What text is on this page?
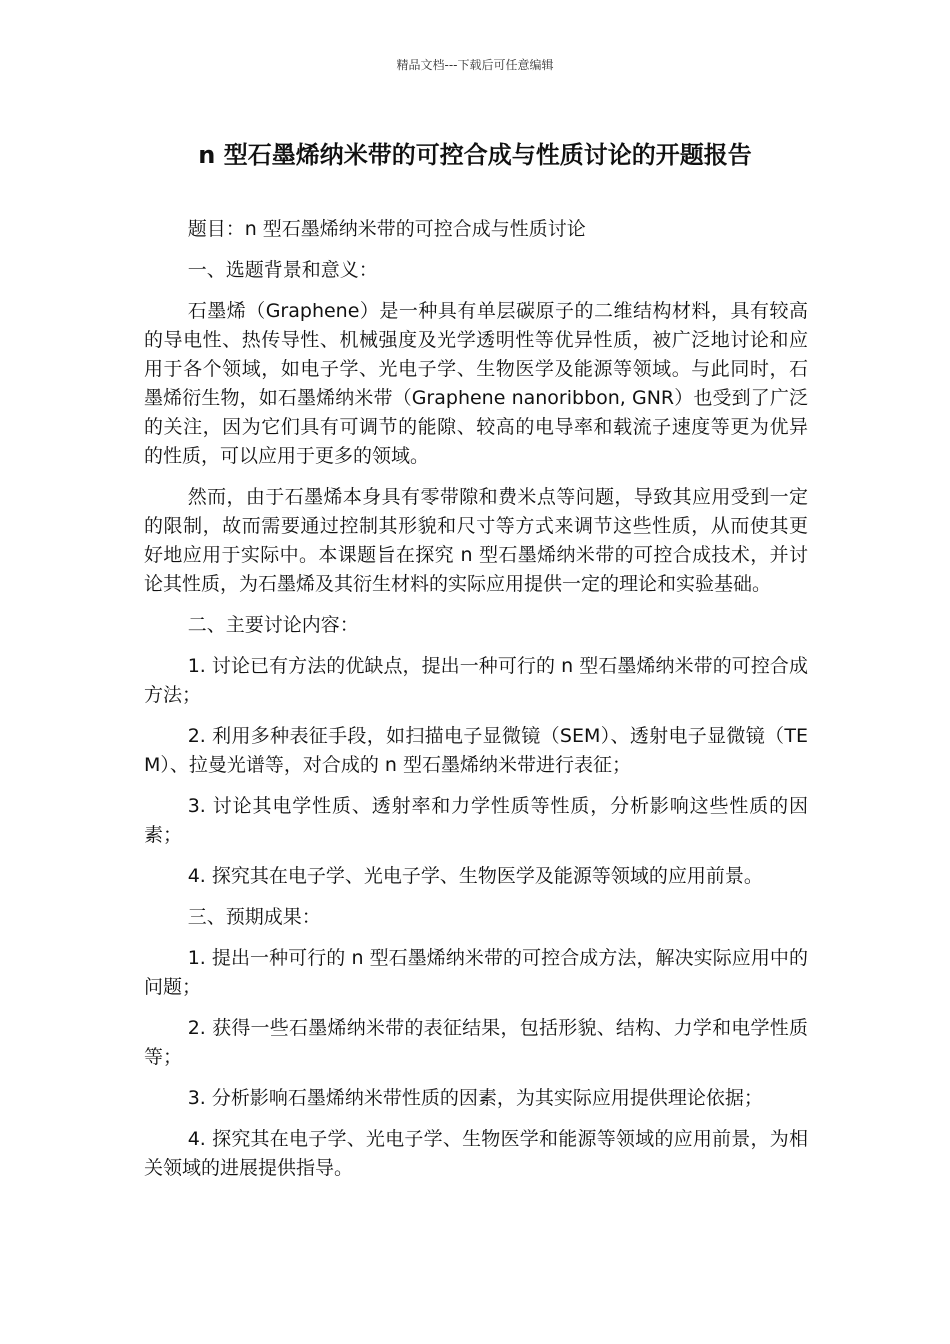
精品文档---下载后可任意编辑
n 型石墨烯纳米带的可控合成与性质讨论的开题报告

题目：n 型石墨烯纳米带的可控合成与性质讨论

一、选题背景和意义：

石墨烯（Graphene）是一种具有单层碳原子的二维结构材料，具有较高的导电性、热传导性、机械强度及光学透明性等优异性质，被广泛地讨论和应用于各个领域，如电子学、光电子学、生物医学及能源等领域。与此同时，石墨烯衍生物，如石墨烯纳米带（Graphene nanoribbon, GNR）也受到了广泛的关注，因为它们具有可调节的能隙、较高的电导率和载流子速度等更为优异的性质，可以应用于更多的领域。

然而，由于石墨烯本身具有零带隙和费米点等问题，导致其应用受到一定的限制，故而需要通过控制其形貌和尺寸等方式来调节这些性质，从而使其更好地应用于实际中。本课题旨在探究 n 型石墨烯纳米带的可控合成技术，并讨论其性质，为石墨烯及其衍生材料的实际应用提供一定的理论和实验基础。

二、主要讨论内容：

1. 讨论已有方法的优缺点，提出一种可行的 n 型石墨烯纳米带的可控合成方法；

2. 利用多种表征手段，如扫描电子显微镜（SEM）、透射电子显微镜（TEM）、拉曼光谱等，对合成的 n 型石墨烯纳米带进行表征；

3. 讨论其电学性质、透射率和力学性质等性质，分析影响这些性质的因素；

4. 探究其在电子学、光电子学、生物医学及能源等领域的应用前景。

三、预期成果：

1. 提出一种可行的 n 型石墨烯纳米带的可控合成方法，解决实际应用中的问题；

2. 获得一些石墨烯纳米带的表征结果，包括形貌、结构、力学和电学性质等；

3. 分析影响石墨烯纳米带性质的因素，为其实际应用提供理论依据；

4. 探究其在电子学、光电子学、生物医学和能源等领域的应用前景，为相关领域的进展提供指导。
